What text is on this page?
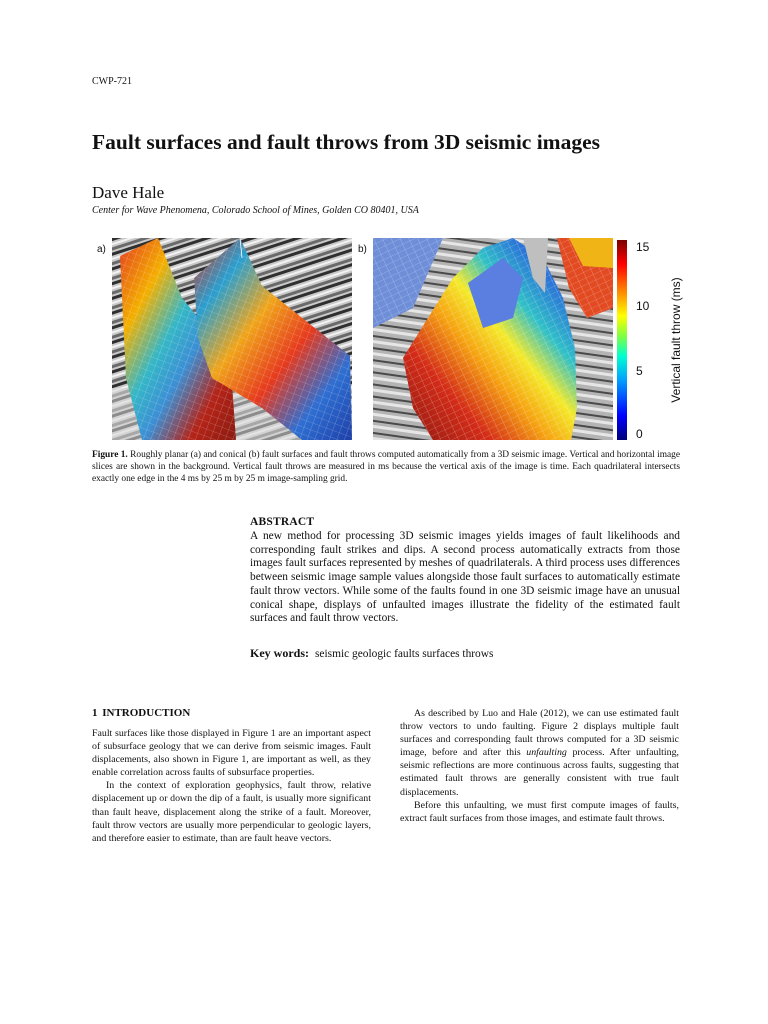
CWP-721
Fault surfaces and fault throws from 3D seismic images
Dave Hale
Center for Wave Phenomena, Colorado School of Mines, Golden CO 80401, USA
a)	b)	15
10
5
0
Vertical fault throw (ms)
Figure 1. Roughly planar (a) and conical (b) fault surfaces and fault throws computed automatically from a 3D seismic image. Vertical and horizontal image slices are shown in the background. Vertical fault throws are measured in ms because the vertical axis of the image is time. Each quadrilateral intersects exactly one edge in the 4 ms by 25 m by 25 m image-sampling grid.
ABSTRACT
A new method for processing 3D seismic images yields images of fault likelihoods and corresponding fault strikes and dips. A second process automatically extracts from those images fault surfaces represented by meshes of quadrilaterals. A third process uses differences between seismic image sample values alongside those fault surfaces to automatically estimate fault throw vectors. While some of the faults found in one 3D seismic image have an unusual conical shape, displays of unfaulted images illustrate the fidelity of the estimated fault surfaces and fault throw vectors.
Key words: seismic geologic faults surfaces throws
1 INTRODUCTION

Fault surfaces like those displayed in Figure 1 are an important aspect of subsurface geology that we can derive from seismic images. Fault displacements, also shown in Figure 1, are important as well, as they enable correlation across faults of subsurface properties.

In the context of exploration geophysics, fault throw, relative displacement up or down the dip of a fault, is usually more significant than fault heave, displacement along the strike of a fault. Moreover, fault throw vectors are usually more perpendicular to geologic layers, and therefore easier to estimate, than are fault heave vectors.

As described by Luo and Hale (2012), we can use estimated fault throw vectors to undo faulting. Figure 2 displays multiple fault surfaces and corresponding fault throws computed for a 3D seismic image, before and after this unfaulting process. After unfaulting, seismic reflections are more continuous across faults, suggesting that estimated fault throws are generally consistent with true fault displacements.

Before this unfaulting, we must first compute images of faults, extract fault surfaces from those images, and estimate fault throws.
